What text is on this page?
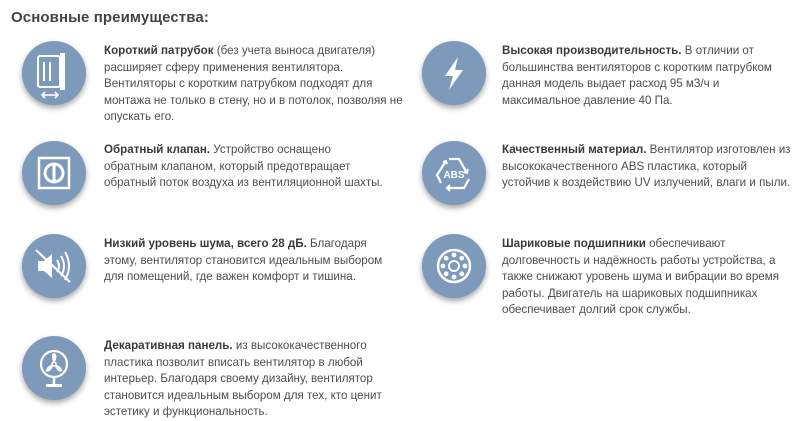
Основные преимущества:
Короткий патрубок (без учета выноса двигателя) расширяет сферу применения вентилятора. Вентиляторы с коротким патрубком подходят для монтажа не только в стену, но и в потолок, позволяя не опускать его.
Высокая производительность. В отличии от большинства вентиляторов с коротким патрубком данная модель выдает расход 95 м3/ч и максимальное давление 40 Па.
Обратный клапан. Устройство оснащено обратным клапаном, который предотвращает обратный поток воздуха из вентиляционной шахты.
ABS
Качественный материал. Вентилятор изготовлен из высококачественного ABS пластика, который устойчив к воздействию UV излучений, влаги и пыли.
Низкий уровень шума, всего 28 дБ. Благодаря этому, вентилятор становится идеальным выбором для помещений, где важен комфорт и тишина.
Шариковые подшипники обеспечивают долговечность и надёжность работы устройства, а также снижают уровень шума и вибрации во время работы. Двигатель на шариковых подшипниках обеспечивает долгий срок службы.
Декаративная панель. из высококачественного пластика позволит вписать вентилятор в любой интерьер. Благодаря своему дизайну, вентилятор становится идеальным выбором для тех, кто ценит эстетику и функциональность.
